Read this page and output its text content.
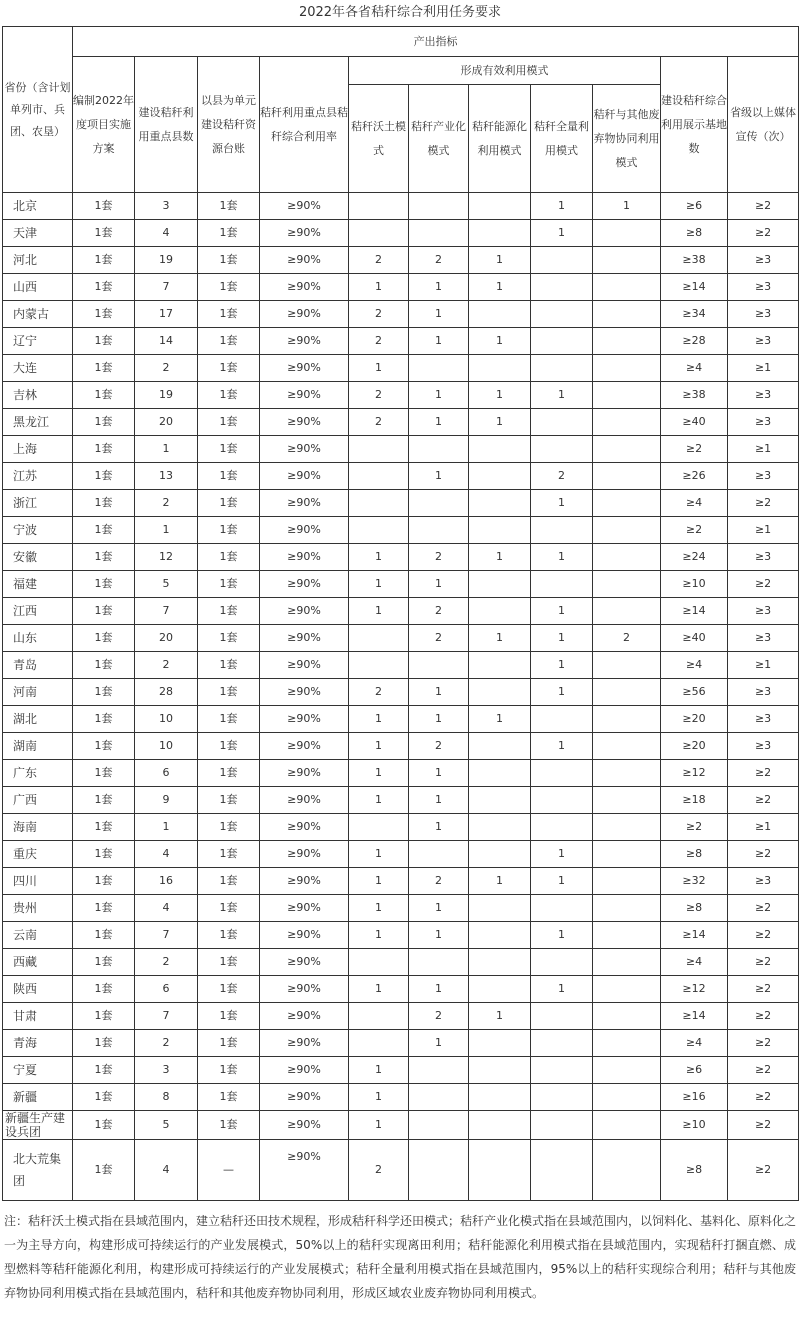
2022年各省秸秆综合利用任务要求
省份（含计划单列市、兵团、农垦）	产出指标										
	编制2022年度项目实施方案	建设秸秆利用重点县数	以县为单元建设秸秆资源台账	秸秆利用重点县秸秆综合利用率	形成有效利用模式					建设秸秆综合利用展示基地数	省级以上媒体宣传（次）
					秸秆沃土模式	秸秆产业化模式	秸秆能源化利用模式	秸秆全量利用模式	秸秆与其他废弃物协同利用模式		
北京	1套	3	1套	≥90%				1	1	≥6	≥2
天津	1套	4	1套	≥90%				1		≥8	≥2
河北	1套	19	1套	≥90%	2	2	1			≥38	≥3
山西	1套	7	1套	≥90%	1	1	1			≥14	≥3
内蒙古	1套	17	1套	≥90%	2	1				≥34	≥3
辽宁	1套	14	1套	≥90%	2	1	1			≥28	≥3
大连	1套	2	1套	≥90%	1					≥4	≥1
吉林	1套	19	1套	≥90%	2	1	1	1		≥38	≥3
黑龙江	1套	20	1套	≥90%	2	1	1			≥40	≥3
上海	1套	1	1套	≥90%						≥2	≥1
江苏	1套	13	1套	≥90%		1		2		≥26	≥3
浙江	1套	2	1套	≥90%				1		≥4	≥2
宁波	1套	1	1套	≥90%						≥2	≥1
安徽	1套	12	1套	≥90%	1	2	1	1		≥24	≥3
福建	1套	5	1套	≥90%	1	1				≥10	≥2
江西	1套	7	1套	≥90%	1	2		1		≥14	≥3
山东	1套	20	1套	≥90%		2	1	1	2	≥40	≥3
青岛	1套	2	1套	≥90%				1		≥4	≥1
河南	1套	28	1套	≥90%	2	1		1		≥56	≥3
湖北	1套	10	1套	≥90%	1	1	1			≥20	≥3
湖南	1套	10	1套	≥90%	1	2		1		≥20	≥3
广东	1套	6	1套	≥90%	1	1				≥12	≥2
广西	1套	9	1套	≥90%	1	1				≥18	≥2
海南	1套	1	1套	≥90%		1				≥2	≥1
重庆	1套	4	1套	≥90%	1			1		≥8	≥2
四川	1套	16	1套	≥90%	1	2	1	1		≥32	≥3
贵州	1套	4	1套	≥90%	1	1				≥8	≥2
云南	1套	7	1套	≥90%	1	1		1		≥14	≥2
西藏	1套	2	1套	≥90%						≥4	≥2
陕西	1套	6	1套	≥90%	1	1		1		≥12	≥2
甘肃	1套	7	1套	≥90%		2	1			≥14	≥2
青海	1套	2	1套	≥90%		1				≥4	≥2
宁夏	1套	3	1套	≥90%	1					≥6	≥2
新疆	1套	8	1套	≥90%	1					≥16	≥2
新疆生产建设兵团	1套	5	1套	≥90%	1					≥10	≥2
北大荒集团	1套	4	—	≥90%	2					≥8	≥2
注：秸秆沃土模式指在县域范围内，建立秸秆还田技术规程，形成秸秆科学还田模式；秸秆产业化模式指在县域范围内，以饲料化、基料化、原料化之一为主导方向，构建形成可持续运行的产业发展模式，50%以上的秸秆实现离田利用；秸秆能源化利用模式指在县域范围内，实现秸秆打捆直燃、成型燃料等秸秆能源化利用，构建形成可持续运行的产业发展模式；秸秆全量利用模式指在县域范围内，95%以上的秸秆实现综合利用；秸秆与其他废弃物协同利用模式指在县域范围内，秸秆和其他废弃物协同利用，形成区域农业废弃物协同利用模式。
